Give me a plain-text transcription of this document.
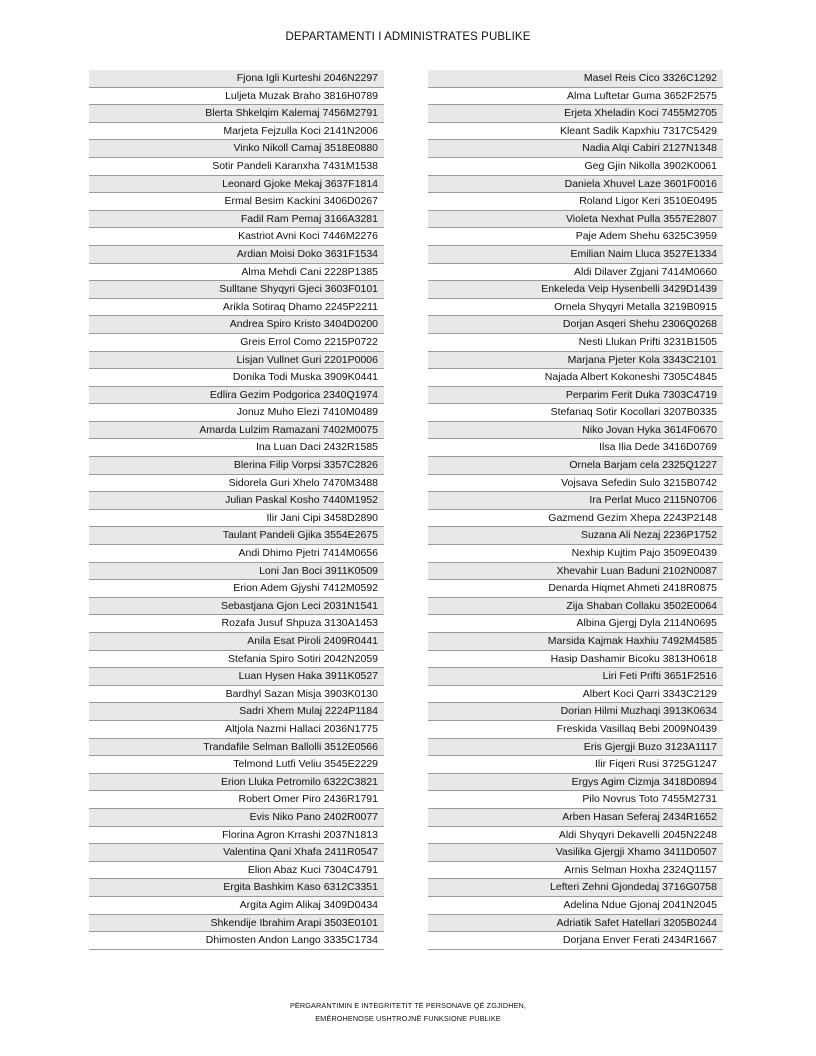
DEPARTAMENTI I ADMINISTRATES PUBLIKE
Fjona Igli Kurteshi 2046N2297
Luljeta Muzak Braho 3816H0789
Blerta Shkelqim Kalemaj 7456M2791
Marjeta Fejzulla Koci 2141N2006
Vinko Nikoll Camaj 3518E0880
Sotir Pandeli Karanxha 7431M1538
Leonard Gjoke Mekaj 3637F1814
Ermal Besim Kackini 3406D0267
Fadil Ram Pemaj 3166A3281
Kastriot Avni Koci 7446M2276
Ardian Moisi Doko 3631F1534
Alma Mehdi Cani 2228P1385
Sulltane Shyqyri Gjeci 3603F0101
Arikla Sotiraq Dhamo 2245P2211
Andrea Spiro Kristo 3404D0200
Greis Errol Como 2215P0722
Lisjan Vullnet Guri 2201P0006
Donika Todi Muska 3909K0441
Edlira Gezim Podgorica 2340Q1974
Jonuz Muho Elezi 7410M0489
Amarda Lulzim Ramazani 7402M0075
Ina Luan Daci 2432R1585
Blerina Filip Vorpsi 3357C2826
Sidorela Guri Xhelo 7470M3488
Julian Paskal Kosho 7440M1952
Ilir Jani Cipi 3458D2890
Taulant Pandeli Gjika 3554E2675
Andi Dhimo Pjetri 7414M0656
Loni Jan Boci 3911K0509
Erion Adem Gjyshi 7412M0592
Sebastjana Gjon Leci 2031N1541
Rozafa Jusuf Shpuza 3130A1453
Anila Esat Piroli 2409R0441
Stefania Spiro Sotiri 2042N2059
Luan Hysen Haka 3911K0527
Bardhyl Sazan Misja 3903K0130
Sadri Xhem Mulaj 2224P1184
Altjola Nazmi Hallaci 2036N1775
Trandafile Selman Ballolli 3512E0566
Telmond Lutfi Veliu 3545E2229
Erion Lluka Petromilo 6322C3821
Robert Omer Piro 2436R1791
Evis Niko Pano 2402R0077
Florina Agron Krrashi 2037N1813
Valentina Qani Xhafa 2411R0547
Elion Abaz Kuci 7304C4791
Ergita Bashkim Kaso 6312C3351
Argita Agim Alikaj 3409D0434
Shkendije Ibrahim Arapi 3503E0101
Dhimosten Andon Lango 3335C1734
Masel Reis Cico 3326C1292
Alma Luftetar Guma 3652F2575
Erjeta Xheladin Koci 7455M2705
Kleant Sadik Kapxhiu 7317C5429
Nadia Alqi Cabiri 2127N1348
Geg Gjin Nikolla 3902K0061
Daniela Xhuvel Laze 3601F0016
Roland Ligor Keri 3510E0495
Violeta Nexhat Pulla 3557E2807
Paje Adem Shehu 6325C3959
Emilian Naim Lluca 3527E1334
Aldi Dilaver Zgjani 7414M0660
Enkeleda Veip Hysenbelli 3429D1439
Ornela Shyqyri Metalla 3219B0915
Dorjan Asqeri Shehu 2306Q0268
Nesti Llukan Prifti 3231B1505
Marjana Pjeter Kola 3343C2101
Najada Albert Kokoneshi 7305C4845
Perparim Ferit Duka 7303C4719
Stefanaq Sotir Kocollari 3207B0335
Niko Jovan Hyka 3614F0670
Ilsa Ilia Dede 3416D0769
Ornela Barjam cela 2325Q1227
Vojsava Sefedin Sulo 3215B0742
Ira Perlat Muco 2115N0706
Gazmend Gezim Xhepa 2243P2148
Suzana Ali Nezaj 2236P1752
Nexhip Kujtim Pajo 3509E0439
Xhevahir Luan Baduni 2102N0087
Denarda Hiqmet Ahmeti 2418R0875
Zija Shaban Collaku 3502E0064
Albina Gjergj Dyla 2114N0695
Marsida Kajmak Haxhiu 7492M4585
Hasip Dashamir Bicoku 3813H0618
Liri Feti Prifti 3651F2516
Albert Koci Qarri 3343C2129
Dorian Hilmi Muzhaqi 3913K0634
Freskida Vasillaq Bebi 2009N0439
Eris Gjergji Buzo 3123A1117
Ilir Fiqeri Rusi 3725G1247
Ergys Agim Cizmja 3418D0894
Pilo Novrus Toto 7455M2731
Arben Hasan Seferaj 2434R1652
Aldi Shyqyri Dekavelli 2045N2248
Vasilika Gjergji Xhamo 3411D0507
Arnis Selman Hoxha 2324Q1157
Lefteri Zehni Gjondedaj 3716G0758
Adelina Ndue Gjonaj 2041N2045
Adriatik Safet Hatellari 3205B0244
Dorjana Enver Ferati 2434R1667
PËRGARANTIMIN E INTEGRITETIT TË PERSONAVE QË ZGJIDHEN,
EMËROHENOSE USHTROJNË FUNKSIONE PUBLIKE
